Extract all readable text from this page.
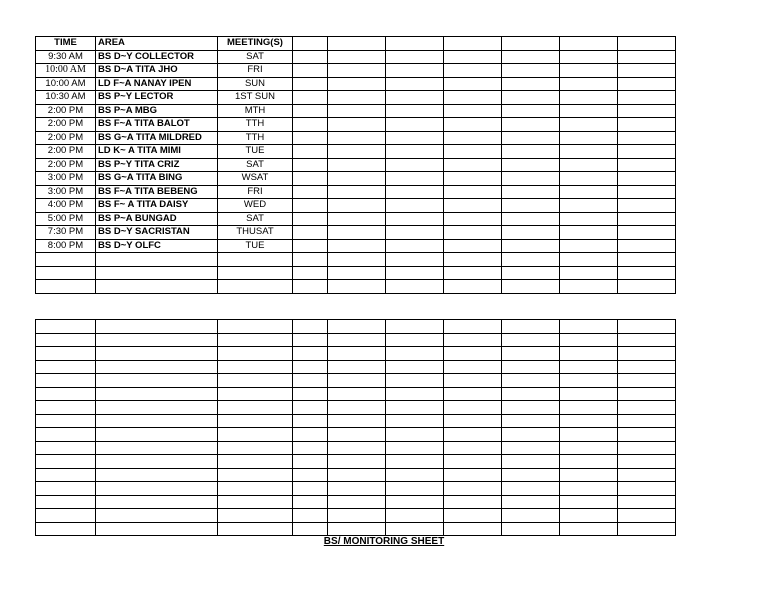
TIME	AREA	MEETING(S)							
9:30 AM	BS D~Y COLLECTOR	SAT							
10:00 AM	BS D~A TITA JHO	FRI							
10:00 AM	LD F~A NANAY IPEN	SUN							
10:30 AM	BS P~Y LECTOR	1ST SUN							
2:00 PM	BS P~A MBG	MTH							
2:00 PM	BS F~A TITA BALOT	TTH							
2:00 PM	BS G~A TITA MILDRED	TTH							
2:00 PM	LD K~ A TITA MIMI	TUE							
2:00 PM	BS P~Y TITA CRIZ	SAT							
3:00 PM	BS G~A TITA BING	WSAT							
3:00 PM	BS F~A TITA BEBENG	FRI							
4:00 PM	BS F~ A TITA DAISY	WED							
5:00 PM	BS P~A BUNGAD	SAT							
7:30 PM	BS D~Y SACRISTAN	THUSAT							
8:00 PM	BS D~Y OLFC	TUE							

BS/ MONITORING SHEET
